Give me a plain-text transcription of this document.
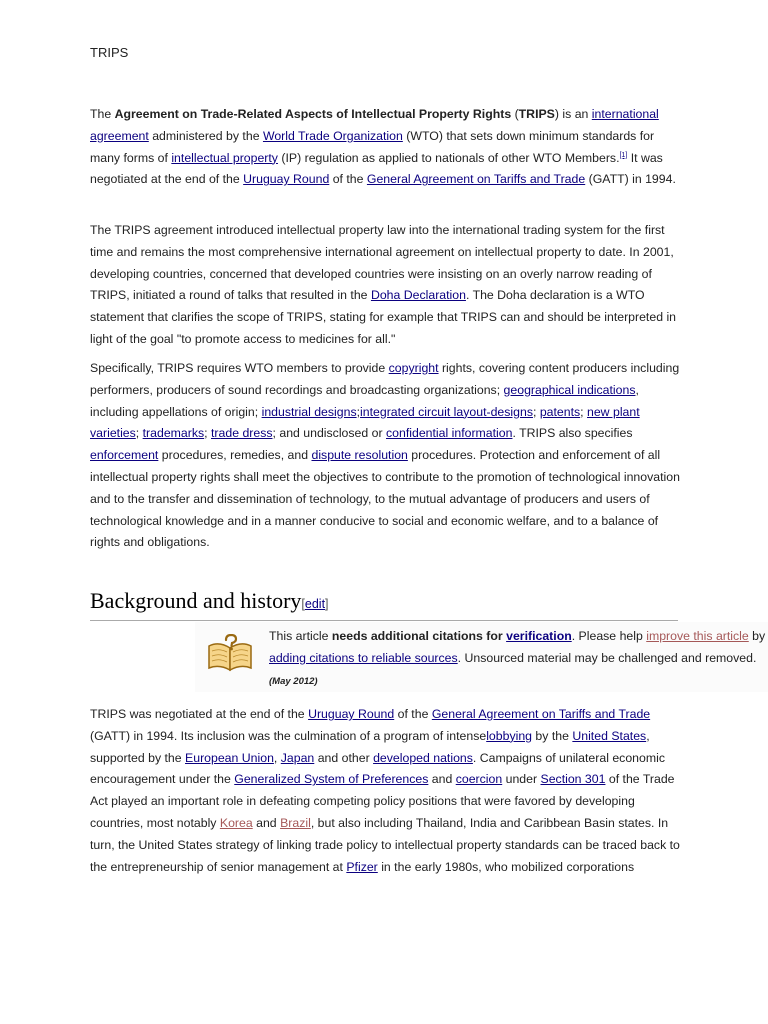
TRIPS
The Agreement on Trade-Related Aspects of Intellectual Property Rights (TRIPS) is an international agreement administered by the World Trade Organization (WTO) that sets down minimum standards for many forms of intellectual property (IP) regulation as applied to nationals of other WTO Members.[1] It was negotiated at the end of the Uruguay Round of the General Agreement on Tariffs and Trade (GATT) in 1994.
The TRIPS agreement introduced intellectual property law into the international trading system for the first time and remains the most comprehensive international agreement on intellectual property to date. In 2001, developing countries, concerned that developed countries were insisting on an overly narrow reading of TRIPS, initiated a round of talks that resulted in the Doha Declaration. The Doha declaration is a WTO statement that clarifies the scope of TRIPS, stating for example that TRIPS can and should be interpreted in light of the goal "to promote access to medicines for all."
Specifically, TRIPS requires WTO members to provide copyright rights, covering content producers including performers, producers of sound recordings and broadcasting organizations; geographical indications, including appellations of origin; industrial designs;integrated circuit layout-designs; patents; new plant varieties; trademarks; trade dress; and undisclosed or confidential information. TRIPS also specifies enforcement procedures, remedies, and dispute resolution procedures. Protection and enforcement of all intellectual property rights shall meet the objectives to contribute to the promotion of technological innovation and to the transfer and dissemination of technology, to the mutual advantage of producers and users of technological knowledge and in a manner conducive to social and economic welfare, and to a balance of rights and obligations.
Background and history[edit]
This article needs additional citations for verification. Please help improve this article by adding citations to reliable sources. Unsourced material may be challenged and removed. (May 2012)
TRIPS was negotiated at the end of the Uruguay Round of the General Agreement on Tariffs and Trade (GATT) in 1994. Its inclusion was the culmination of a program of intenselobbying by the United States, supported by the European Union, Japan and other developed nations. Campaigns of unilateral economic encouragement under the Generalized System of Preferences and coercion under Section 301 of the Trade Act played an important role in defeating competing policy positions that were favored by developing countries, most notably Korea and Brazil, but also including Thailand, India and Caribbean Basin states. In turn, the United States strategy of linking trade policy to intellectual property standards can be traced back to the entrepreneurship of senior management at Pfizer in the early 1980s, who mobilized corporations
